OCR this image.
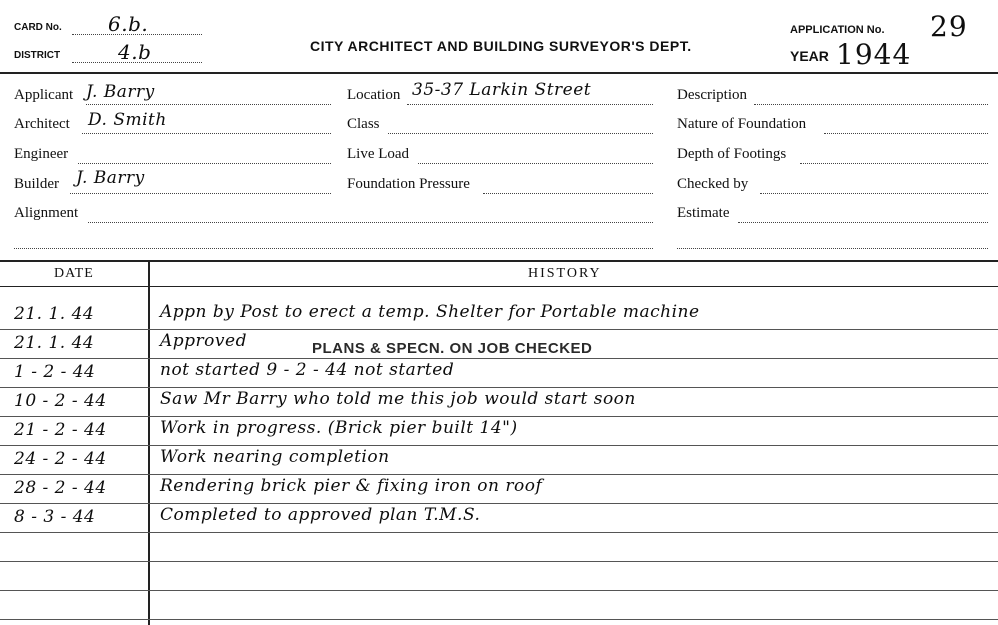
CARD No. 6.b.
DISTRICT	4.b	CITY ARCHITECT AND BUILDING SURVEYOR'S DEPT.
APPLICATION No. 29
YEAR 1944
Applicant J. Barry
Architect D. Smith
Engineer
Builder J. Barry
Alignment
Location 35-37 Larkin Street
Class
Live Load
Foundation Pressure
Description
Nature of Foundation
Depth of Footings
Checked by
Estimate
DATE	HISTORY
21. 1. 44	Appn by Post to erect a temp. Shelter for Portable machine
21. 1. 44	Approved	PLANS & SPECN. ON JOB CHECKED
1 - 2 - 44	not started 9 - 2 - 44 not started
10 - 2 - 44	Saw Mr Barry who told me this job would start soon
21 - 2 - 44	Work in progress. (Brick pier built 14")
24 - 2 - 44	Work nearing completion
28 - 2 - 44	Rendering brick pier & fixing iron on roof
8 - 3 - 44	Completed to approved plan T.M.S.
